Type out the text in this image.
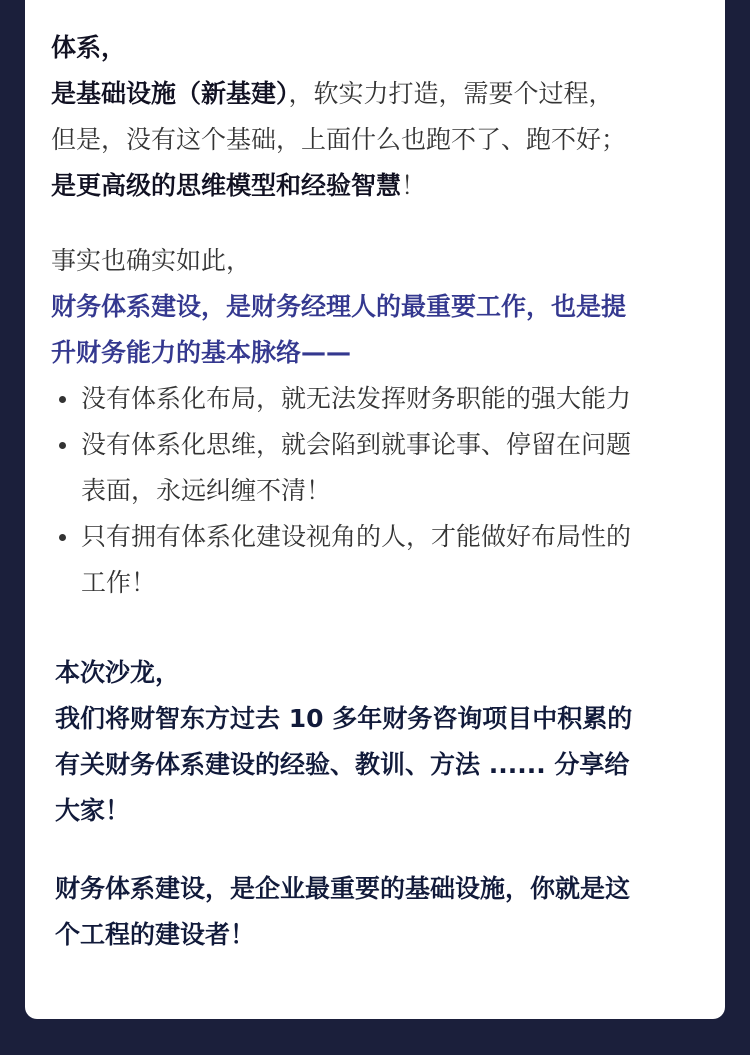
体系，
是基础设施（新基建），软实力打造，需要个过程，
但是，没有这个基础，上面什么也跑不了、跑不好；
是更高级的思维模型和经验智慧！
事实也确实如此，
财务体系建设，是财务经理人的最重要工作，也是提
升财务能力的基本脉络——
没有体系化布局，就无法发挥财务职能的强大能力
没有体系化思维，就会陷到就事论事、停留在问题
表面，永远纠缠不清！
只有拥有体系化建设视角的人，才能做好布局性的
工作！
本次沙龙，
我们将财智东方过去 10 多年财务咨询项目中积累的
有关财务体系建设的经验、教训、方法 ...... 分享给
大家！
财务体系建设，是企业最重要的基础设施，你就是这
个工程的建设者！
